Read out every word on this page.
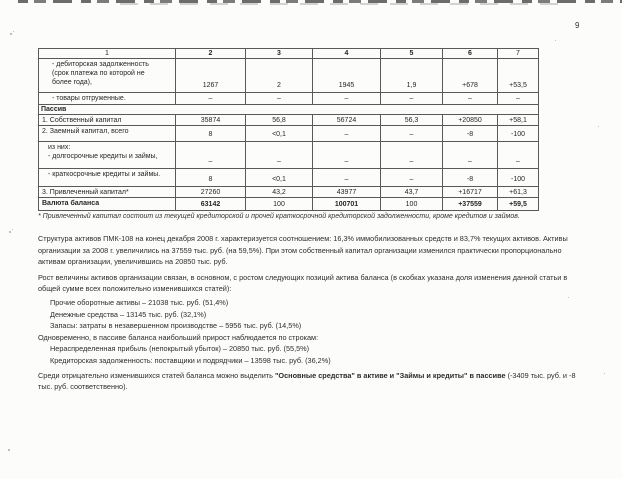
9
1	2	3	4	5	6	7

- дебиторская задолженность
(срок платежа по которой не
более года),	1267	2	1945	1,9	+678	+53,5
- товары отгруженные.	–	–	–	–	–	–
Пассив						
1. Собственный капитал	35874	56,8	56724	56,3	+20850	+58,1
2. Заемный капитал, всего	8	<0,1	–	–	-8	-100

из них:
- долгосрочные кредиты и займы,	–	–	–	–	–	–
- краткосрочные кредиты и займы.	8	<0,1	–	–	-8	-100
3. Привлеченный капитал*	27260	43,2	43977	43,7	+16717	+61,3
Валюта баланса	63142	100	100701	100	+37559	+59,5
* Привлеченный капитал состоит из текущей кредиторской и прочей краткосрочной кредиторской задолженности, кроме кредитов и займов.

Структура активов ПМК-108 на конец декабря 2008 г. характеризуется соотношением: 16,3% иммобилизованных средств и 83,7% текущих активов. Активы организации за 2008 г. увеличились на 37559 тыс. руб. (на 59,5%). При этом собственный капитал организации изменился практически пропорционально активам организации, увеличившись на 20850 тыс. руб.

Рост величины активов организации связан, в основном, с ростом следующих позиций актива баланса (в скобках указана доля изменения данной статьи в общей сумме всех положительно изменившихся статей):

Прочие оборотные активы – 21038 тыс. руб. (51,4%)

Денежные средства – 13145 тыс. руб. (32,1%)

Запасы: затраты в незавершенном производстве – 5956 тыс. руб. (14,5%)

Одновременно, в пассиве баланса наибольший прирост наблюдается по строкам:

Нераспределенная прибыль (непокрытый убыток) – 20850 тыс. руб. (55,5%)

Кредиторская задолженность: поставщики и подрядчики – 13598 тыс. руб. (36,2%)

Среди отрицательно изменившихся статей баланса можно выделить "Основные средства" в активе и "Займы и кредиты" в пассиве (-3409 тыс. руб. и -8 тыс. руб. соответственно).
